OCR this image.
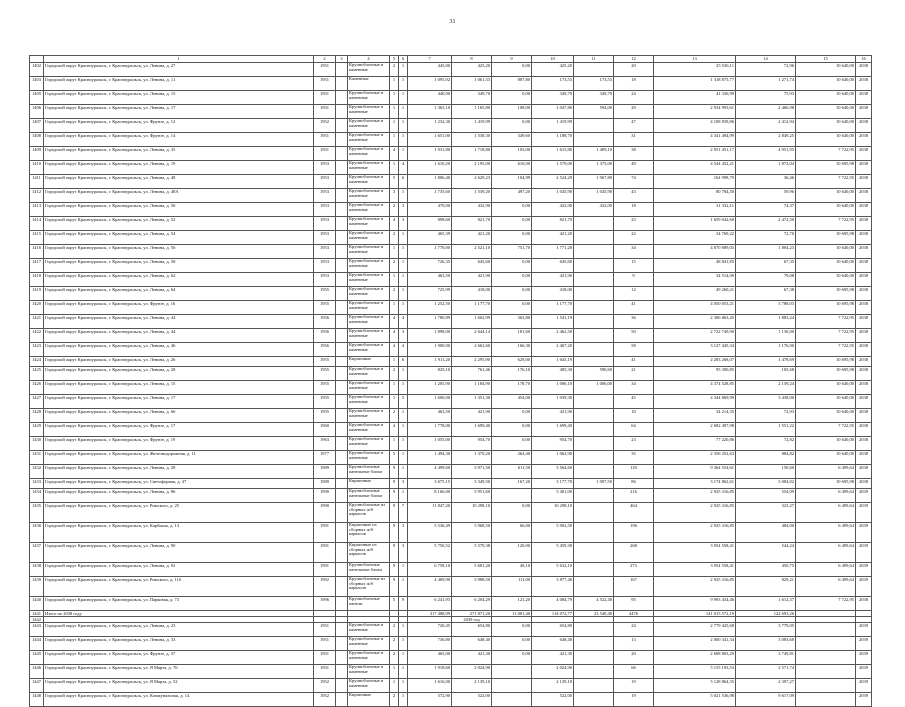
31
	1	2	3	4	5	6	7	8	9	10	11	12	13	14	15	16
1402	Городской округ Красноуральск, г. Красноуральск, ул. Ленина, д. 27	1951		Крупноблочные и каменные	2	1	445,00	425,20	0,00	425,20		20	25 536,11	72,96	10 640,00	2038
1403	Городской округ Красноуральск, г. Красноуральск, ул. Ленина, д. 11	1951		Каменные	1	1	1 095,92	1 061,33	887,80	173,53	173,53	18	1 318 875,77	1 271,74	10 640,00	2038
1405	Городской округ Красноуральск, г. Красноуральск, ул. Ленина, д. 15	1951		Крупноблочные и каменные	1	1	440,00	349,70	0,00	349,70	349,70	24	41 336,99	75,93	10 640,00	2038
1406	Городской округ Красноуральск, г. Красноуральск, ул. Ленина, д. 17	1951		Крупноблочные и каменные	1	1	1 363,10	1 165,80	108,00	1 047,80	594,00	29	2 934 993,61	2 466,98	10 640,00	2038
1407	Городской округ Красноуральск, г. Красноуральск, ул. Фрунзе, д. 12	1952		Крупноблочные и каменные	1	1	1 232,30	1 419,99	0,00	1 419,99		47	4 108 839,86	2 412,94	10 640,00	2038
1408	Городской округ Красноуральск, г. Красноуральск, ул. Фрунзе, д. 14	1951		Крупноблочные и каменные	1	1	1 651,00	1 538,30	349,60	1 188,70		31	4 341 494,99	2 849,25	10 640,00	2038
1409	Городской округ Красноуральск, г. Красноуральск, ул. Ленина, д. 35	1951		Крупноблочные и каменные	4	1	1 931,80	1 718,80	103,00	1 615,80	1 409,10	38	2 951 451,17	4 951,95	7 722,95	2038
1410	Городской округ Красноуральск, г. Красноуральск, ул. Ленина, д. 19	1953		Крупноблочные и каменные	1	4	1 610,20	2 195,00	616,00	1 579,00	1 375,00	49	4 544 452,21	1 872,04	10 695,98	2038
1411	Городской округ Красноуральск, г. Красноуральск, ул. Ленина, д. 48	1953		Крупноблочные и каменные	5	6	1 806,40	2 629,23	104,99	2 524,29	1 967,80	74	164 998,79	36,46	7 722,95	2038
1412	Городской округ Красноуральск, г. Красноуральск, ул. Ленина, д. 48А	1953		Крупноблочные и каменные	3	1	1 735,60	1 539,20	497,20	1 045,90	1 045,90	43	80 784,50	59,96	10 640,00	2038
1413	Городской округ Красноуральск, г. Красноуральск, ул. Ленина, д. 50	1953		Крупноблочные и каменные	2	3	470,00	432,90	0,00	432,90	432,00	18	31 332,11	74,37	10 640,00	2038
1414	Городской округ Красноуральск, г. Красноуральск, ул. Ленина, д. 52	1953		Крупноблочные и каменные	4	3	898,60	821,70	0,00	821,70		23	1 659 042,60	2 472,50	7 722,95	2038
1415	Городской округ Красноуральск, г. Красноуральск, ул. Ленина, д. 54	1953		Крупноблочные и каменные	2	1	465,39	421,20	0,00	421,20		22	34 769,22	72,70	10 695,98	2038
1416	Городской округ Красноуральск, г. Красноуральск, ул. Ленина, д. 56	1953		Крупноблочные и каменные	1	1	1 770,00	2 521,10	751,70	1 771,20		34	4 870 889,03	1 804,23	10 640,00	2038
1417	Городской округ Красноуральск, г. Красноуральск, ул. Ленина, д. 58	1953		Крупноблочные и каменные	2	1	726,35	645,60	0,00	645,60		15	48 841,85	67,35	10 640,00	2038
1418	Городской округ Красноуральск, г. Красноуральск, ул. Ленина, д. 62	1953		Крупноблочные и каменные	1	1	463,50	421,90	0,00	421,90		9	34 514,09	79,08	10 640,00	2038
1419	Городской округ Красноуральск, г. Красноуральск, ул. Ленина, д. 64	1955		Крупноблочные и каменные	2	1	725,99	418,00	0,00	418,00		12	49 260,21	67,38	10 695,98	2038
1420	Городской округ Красноуральск, г. Красноуральск, ул. Фрунзе, д. 16	1955		Крупноблочные и каменные	1	1	1 252,50	1 177,70	0,00	1 177,70		41	4 050 053,21	3 788,03	10 695,98	2038
1421	Городской округ Красноуральск, г. Красноуральск, ул. Ленина, д. 42	1956		Крупноблочные и каменные	4	4	1 780,89	1 602,99	363,80	1 541,19		36	2 306 863,45	1 883,24	7 722,95	2038
1422	Городской округ Красноуральск, г. Красноуральск, ул. Ленина, д. 44	1956		Крупноблочные и каменные	4	3	1 898,00	2 644,14	181,60	2 462,50		50	2 722 749,90	1 136,00	7 722,95	2038
1423	Городской округ Красноуральск, г. Красноуральск, ул. Ленина, д. 46	1956		Крупноблочные и каменные	4	4	1 900,00	2 662,60	166,30	2 467,20		58	3 127 445,34	1 176,00	7 722,95	2038
1424	Городской округ Красноуральск, г. Красноуральск, ул. Ленина, д. 26	1955		Кирпичные	1	6	1 911,20	2 295,90	629,00	1 643,19		41	2 283 268,07	1 478,69	10 695,98	2038
1425	Городской округ Красноуральск, г. Красноуральск, ул. Ленина, д. 28	1955		Крупноблочные и каменные	2	1	825,10	761,46	176,10	485,30	590,60	21	95 390,85	105,68	10 695,98	2038
1426	Городской округ Красноуральск, г. Красноуральск, ул. Ленина, д. 15	1955		Крупноблочные и каменные	1	1	1 205,90	1 184,90	178,70	1 006,10	1 006,00	34	4 374 528,85	2 159,24	10 640,00	2038
1427	Городской округ Красноуральск, г. Красноуральск, ул. Ленина, д. 17	1955		Крупноблочные и каменные	1	5	1 600,00	1 351,30	454,00	1 939,30		45	4 344 869,99	3 438,00	10 640,00	2038
1428	Городской округ Красноуральск, г. Красноуральск, ул. Ленина, д. 66	1955		Крупноблочные и каменные	2	1	463,50	421,90	0,00	421,90		10	34 214,35	72,93	10 640,00	2038
1429	Городской округ Красноуральск, г. Красноуральск, ул. Фрунзе, д. 17	1960		Крупноблочные и каменные	4	1	1 778,00	1 699,40	0,00	1 699,40		64	2 682 497,98	1 551,22	7 722,95	2038
1430	Городской округ Красноуральск, г. Красноуральск, ул. Фрунзе, д. 19	1963		Крупноблочные и каменные	1	1	1 055,00	954,70	0,00	954,70		23	77 220,86	72,82	10 640,00	2038
1431	Городской округ Красноуральск, г. Красноуральск, ул. Железнодорожная, д. 11	1977		Крупноблочные и каменные	5	1	1 494,30	1 370,20	264,40	1 062,90		35	2 356 352,63	884,82	10 640,00	2038
1432	Городской округ Красноуральск, г. Красноуральск, ул. Ленина, д. 28	1989		Крупноблочные панельные блоки	9	1	4 499,60	3 971,50	611,50	3 564,60		118	9 364 554,61	150,60	6 499,64	2038
1433	Городской округ Красноуральск, г. Красноуральск, ул. Светофорная, д. 47	1989		Кирпичные	9	3	3 675,15	3 349,50	167,20	3 177,70	1 097,50	86	3 174 862,61	3 084,02	10 695,98	2038
1434	Городской округ Красноуральск, г. Красноуральск, ул. Ленина, д. 86	1990		Крупноблочные панельные блоки	9	1	8 166,00	5 951,60		5 401,00		216	2 925 316,85	554,09	6 499,64	2039
1435	Городской округ Красноуральск, г. Красноуральск, ул. Римского, д. 25	1990		Крупноблочные из сборных ж/б каркасов	9	7	11 847,20	10 298,10	0,00	10 298,10		464	2 925 316,85	323,27	6 499,64	2039
1436	Городской округ Красноуральск, г. Красноуральск, ул. Карбыша, д. 13	1991		Кирпичные из сборных ж/б каркасов	9	3	5 536,49	5 968,50	66,00	5 902,50		196	2 925 316,85	484,00	6 499,64	2039
1437	Городской округ Красноуральск, г. Красноуральск, ул. Ленина, д. 90	1991		Кирпичные из сборных ж/б каркасов	9	3	5 750,52	5 579,38	120,00	5 459,38		268	3 954 558,41	544,24	6 499,64	2039
1438	Городской округ Красноуральск, г. Красноуральск, ул. Ленина, д. 92	1991		Крупноблочные панельные блоки	9	1	6 758,10	5 681,20	49,10	5 632,10		273	3 954 558,41	450,75	6 499,64	2039
1439	Городской округ Красноуральск, г. Красноуральск, ул. Римского, д. 11б	1992		Крупноблочные из сборных ж/б каркасов	9	1	4 469,90	3 988,50	111,00	3 877,40		167	2 925 316,85	829,21	6 499,64	2039
1440	Городской округ Красноуральск, г. Красноуральск, ул. Парковая, д. 73	1996		Крупноблочные панели	5	9	6 241,93	6 204,29	121,20	4 084,79	4 522,40	95	9 993 434,46	1 612,37	7 722,95	2038
1441	Итого по 2038 году						317 488,99	271 871,20	11 081,40	114 072,77	23 540,40	4476	141 015 572,19	122 693,26		
1442								2039 год								
1443	Городской округ Красноуральск, г. Красноуральск, ул. Ленина, д. 23	1951		Крупноблочные и каменные	2	1	720,45	654,80	0,00	654,80		24	2 779 425,68	3 779,05		2039
1444	Городской округ Красноуральск, г. Красноуральск, ул. Ленина, д. 33	1951		Крупноблочные и каменные	2	1	736,80	648,40	0,00	648,40		13	2 000 341,34	3 083,68		2039
1445	Городской округ Красноуральск, г. Красноуральск, ул. Фрунзе, д. 37	1951		Крупноблочные и каменные	2	1	465,00	421,30	0,00	421,30		20	2 608 803,29	3 749,81		2039
1446	Городской округ Красноуральск, г. Красноуральск, ул. Я Марта, д. 76	1951		Крупноблочные и каменные	1	1	1 918,60	2 024,90		2 024,90		66	5 155 193,53	2 571,74		2039
1447	Городской округ Красноуральск, г. Красноуральск, ул. Я Марта, д. 52	1952		Крупноблочные и каменные	1	1	1 616,00	2 139,10		2 139,10		19	5 128 864,35	2 397,27		2039
1448	Городской округ Красноуральск, г. Красноуральск, ул. Коммунальная, д. 14	1952		Кирпичные	2	1	572,90	522,00		522,00		19	5 021 536,98	9 617,09		2039
